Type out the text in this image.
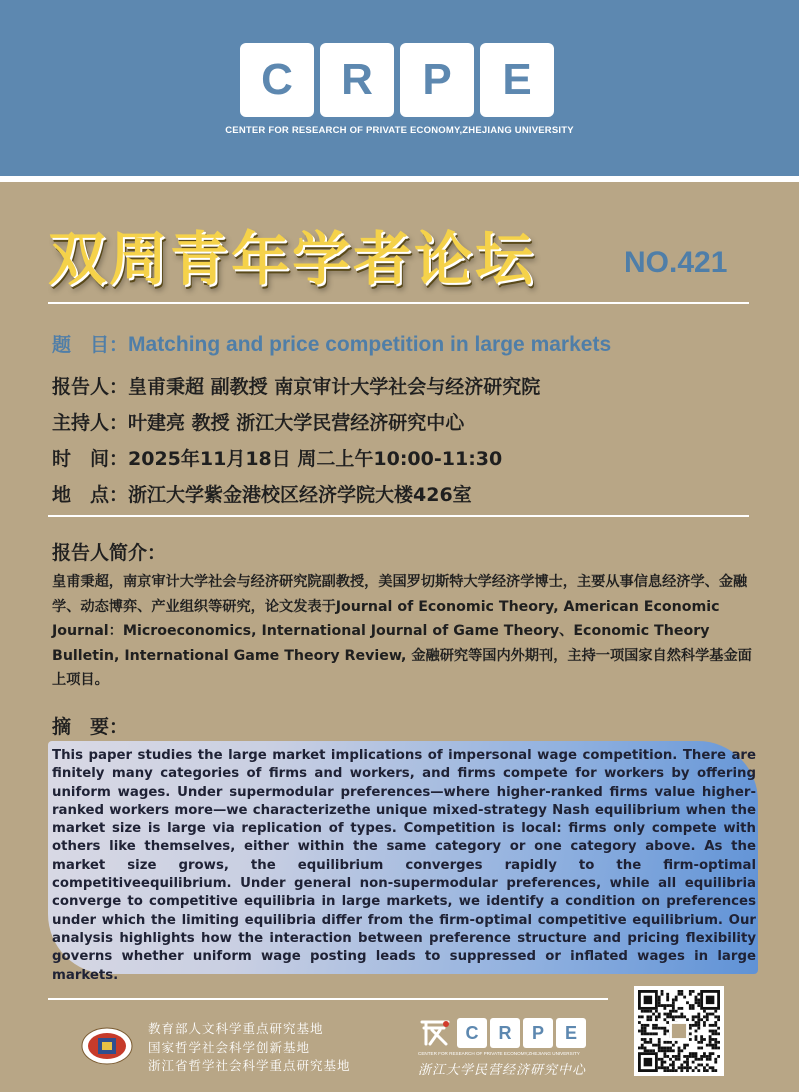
C	R	P	E
CENTER FOR RESEARCH OF PRIVATE ECONOMY,ZHEJIANG UNIVERSITY
双周青年学者论坛	NO.421
题　目：Matching and price competition in large markets
报告人：皇甫秉超 副教授 南京审计大学社会与经济研究院
主持人：叶建亮 教授 浙江大学民营经济研究中心
时　间：2025年11月18日 周二上午10:00-11:30
地　点：浙江大学紫金港校区经济学院大楼426室
报告人简介：
皇甫秉超，南京审计大学社会与经济研究院副教授，美国罗切斯特大学经济学博士，主要从事信息经济学、金融学、动态博弈、产业组织等研究，论文发表于Journal of Economic Theory, American Economic Journal：Microeconomics, International Journal of Game Theory、Economic Theory Bulletin, International Game Theory Review, 金融研究等国内外期刊，主持一项国家自然科学基金面上项目。
摘　要：
This paper studies the large market implications of impersonal wage competition. There are finitely many categories of firms and workers, and firms compete for workers by offering uniform wages. Under supermodular preferences—where higher-ranked firms value higher-ranked workers more—we characterizethe unique mixed-strategy Nash equilibrium when the market size is large via replication of types. Competition is local: firms only compete with others like themselves, either within the same category or one category above. As the market size grows, the equilibrium converges rapidly to the firm-optimal competitiveequilibrium. Under general non-supermodular preferences, while all equilibria converge to competitive equilibria in large markets, we identify a condition on preferences under which the limiting equilibria differ from the firm-optimal competitive equilibrium. Our analysis highlights how the interaction between preference structure and pricing flexibility governs whether uniform wage posting leads to suppressed or inflated wages in large markets.
教育部人文科学重点研究基地
国家哲学社会科学创新基地
浙江省哲学社会科学重点研究基地
C	R	P	E
CENTER FOR RESEARCH OF PRIVATE ECONOMY,ZHEJIANG UNIVERSITY
浙江大学民营经济研究中心
